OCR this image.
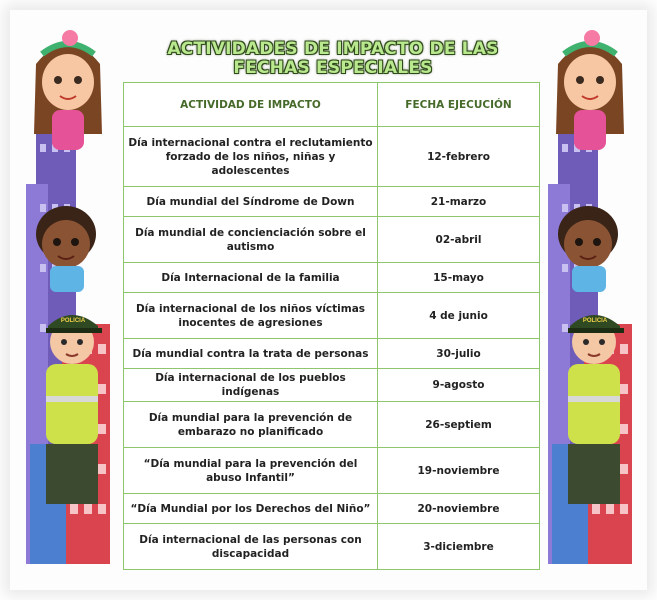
POLICIA	POLICIA
ACTIVIDADES DE IMPACTO DE LAS FECHAS ESPECIALES
ACTIVIDAD DE IMPACTO	FECHA EJECUCIÓN
Día internacional contra el reclutamiento forzado de los niños, niñas y adolescentes	12-febrero
Día mundial del Síndrome de Down	21-marzo
Día mundial de concienciación sobre el autismo	02-abril
Día Internacional de la familia	15-mayo
Día internacional de los niños víctimas inocentes de agresiones	4 de junio
Día mundial contra la trata de personas	30-julio
Día internacional de los pueblos indígenas	9-agosto
Día mundial para la prevención de embarazo no planificado	26-septiem
“Día mundial para la prevención del abuso Infantil”	19-noviembre
“Día Mundial por los Derechos del Niño”	20-noviembre
Día internacional de las personas con discapacidad	3-diciembre
